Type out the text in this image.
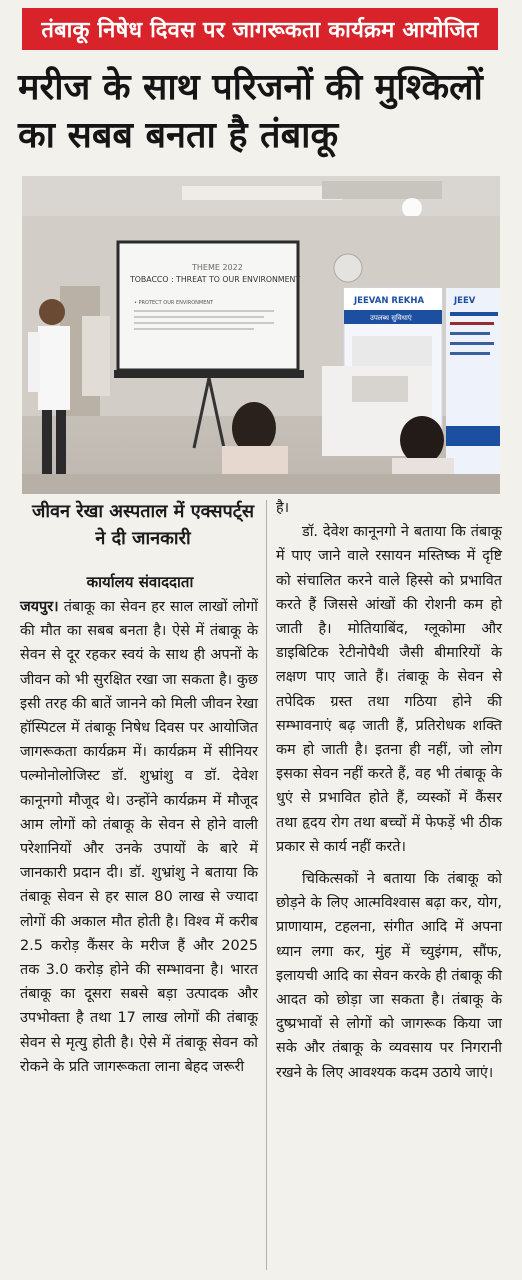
तंबाकू निषेध दिवस पर जागरूकता कार्यक्रम आयोजित
मरीज के साथ परिजनों की मुश्किलों का सबब बनता है तंबाकू
THEME 2022
TOBACCO : THREAT TO OUR ENVIRONMENT
• PROTECT OUR ENVIRONMENT	JEEVAN REKHA
उपलब्ध सुविधाएं
JEEV
जीवन रेखा अस्पताल में एक्सपर्ट्स ने दी जानकारी
कार्यालय संवाददाता

जयपुर। तंबाकू का सेवन हर साल लाखों लोगों की मौत का सबब बनता है। ऐसे में तंबाकू के सेवन से दूर रहकर स्वयं के साथ ही अपनों के जीवन को भी सुरक्षित रखा जा सकता है। कुछ इसी तरह की बातें जानने को मिली जीवन रेखा हॉस्पिटल में तंबाकू निषेध दिवस पर आयोजित जागरूकता कार्यक्रम में। कार्यक्रम में सीनियर पल्मोनोलोजिस्ट डॉ. शुभ्रांशु व डॉ. देवेश कानूनगो मौजूद थे। उन्होंने कार्यक्रम में मौजूद आम लोगों को तंबाकू के सेवन से होने वाली परेशानियों और उनके उपायों के बारे में जानकारी प्रदान दी। डॉ. शुभ्रांशु ने बताया कि तंबाकू सेवन से हर साल 80 लाख से ज्यादा लोगों की अकाल मौत होती है। विश्व में करीब 2.5 करोड़ कैंसर के मरीज हैं और 2025 तक 3.0 करोड़ होने की सम्भावना है। भारत तंबाकू का दूसरा सबसे बड़ा उत्पादक और उपभोक्ता है तथा 17 लाख लोगों की तंबाकू सेवन से मृत्यु होती है। ऐसे में तंबाकू सेवन को रोकने के प्रति जागरूकता लाना बेहद जरूरी

है।

डॉ. देवेश कानूनगो ने बताया कि तंबाकू में पाए जाने वाले रसायन मस्तिष्क में दृष्टि को संचालित करने वाले हिस्से को प्रभावित करते हैं जिससे आंखों की रोशनी कम हो जाती है। मोतियाबिंद, ग्लूकोमा और डाइबिटिक रेटीनोपैथी जैसी बीमारियों के लक्षण पाए जाते हैं। तंबाकू के सेवन से तपेदिक ग्रस्त तथा गठिया होने की सम्भावनाएं बढ़ जाती हैं, प्रतिरोधक शक्ति कम हो जाती है। इतना ही नहीं, जो लोग इसका सेवन नहीं करते हैं, वह भी तंबाकू के धुएं से प्रभावित होते हैं, व्यस्कों में कैंसर तथा हृदय रोग तथा बच्चों में फेफड़ें भी ठीक प्रकार से कार्य नहीं करते।

चिकित्सकों ने बताया कि तंबाकू को छोड़ने के लिए आत्मविश्वास बढ़ा कर, योग, प्राणायाम, टहलना, संगीत आदि में अपना ध्यान लगा कर, मुंह में च्युइंगम, सौंफ, इलायची आदि का सेवन करके ही तंबाकू की आदत को छोड़ा जा सकता है। तंबाकू के दुष्प्रभावों से लोगों को जागरूक किया जा सके और तंबाकू के व्यवसाय पर निगरानी रखने के लिए आवश्यक कदम उठाये जाएं।
